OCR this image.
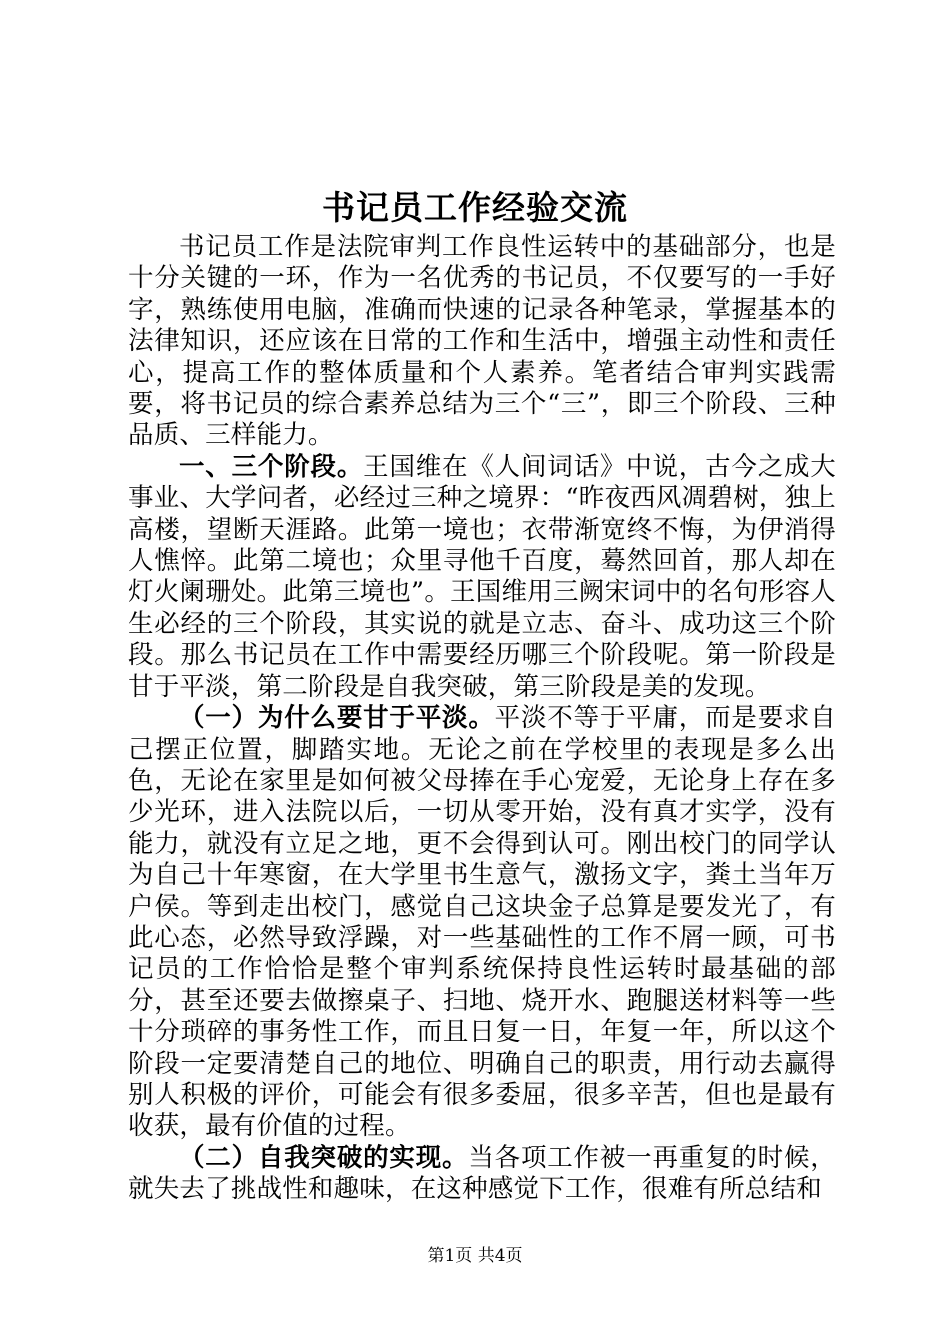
书记员工作经验交流

书记员工作是法院审判工作良性运转中的基础部分，也是十分关键的一环，作为一名优秀的书记员，不仅要写的一手好字，熟练使用电脑，准确而快速的记录各种笔录，掌握基本的法律知识，还应该在日常的工作和生活中，增强主动性和责任心，提高工作的整体质量和个人素养。笔者结合审判实践需要，将书记员的综合素养总结为三个“三”，即三个阶段、三种品质、三样能力。

一、三个阶段。王国维在《人间词话》中说，古今之成大事业、大学问者，必经过三种之境界：“昨夜西风凋碧树，独上高楼，望断天涯路。此第一境也；衣带渐宽终不悔，为伊消得人憔悴。此第二境也；众里寻他千百度，蓦然回首，那人却在灯火阑珊处。此第三境也”。王国维用三阙宋词中的名句形容人生必经的三个阶段，其实说的就是立志、奋斗、成功这三个阶段。那么书记员在工作中需要经历哪三个阶段呢。第一阶段是甘于平淡，第二阶段是自我突破，第三阶段是美的发现。

（一）为什么要甘于平淡。平淡不等于平庸，而是要求自己摆正位置，脚踏实地。无论之前在学校里的表现是多么出色，无论在家里是如何被父母捧在手心宠爱，无论身上存在多少光环，进入法院以后，一切从零开始，没有真才实学，没有能力，就没有立足之地，更不会得到认可。刚出校门的同学认为自己十年寒窗，在大学里书生意气，激扬文字，粪土当年万户侯。等到走出校门，感觉自己这块金子总算是要发光了，有此心态，必然导致浮躁，对一些基础性的工作不屑一顾，可书记员的工作恰恰是整个审判系统保持良性运转时最基础的部分，甚至还要去做擦桌子、扫地、烧开水、跑腿送材料等一些十分琐碎的事务性工作，而且日复一日，年复一年，所以这个阶段一定要清楚自己的地位、明确自己的职责，用行动去赢得别人积极的评价，可能会有很多委屈，很多辛苦，但也是最有收获，最有价值的过程。

（二）自我突破的实现。当各项工作被一再重复的时候，就失去了挑战性和趣味，在这种感觉下工作，很难有所总结和

第1页 共4页
